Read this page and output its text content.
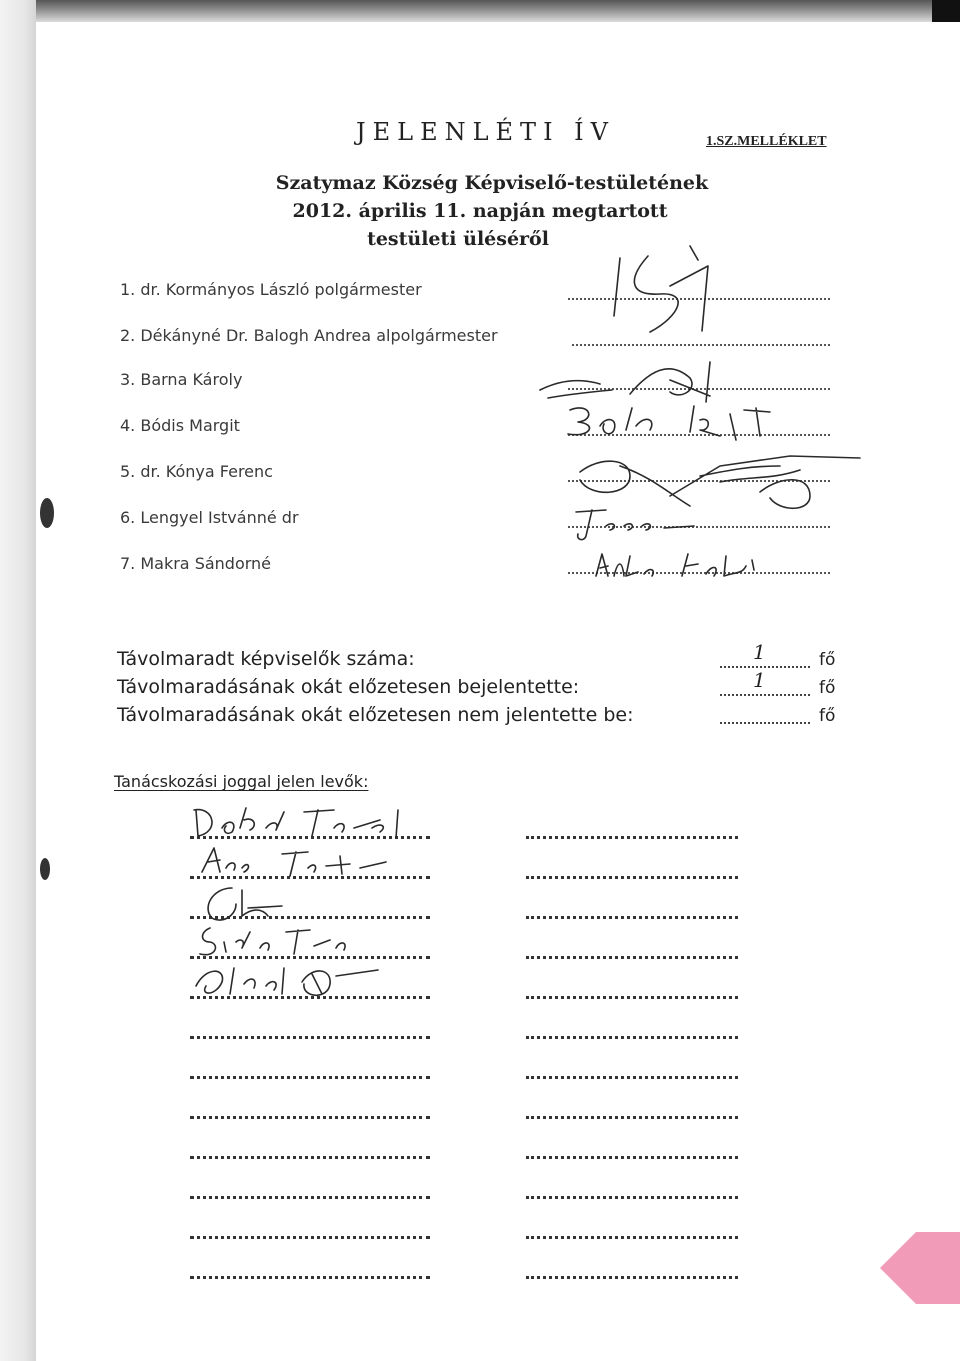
JELENLÉTI ÍV	1.SZ.MELLÉKLET
Szatymaz Község Képviselő-testületének
2012. április 11. napján megtartott
testületi üléséről
1. dr. Kormányos László polgármester
2. Dékányné Dr. Balogh Andrea alpolgármester
3. Barna Károly
4. Bódis Margit
5. dr. Kónya Ferenc
6. Lengyel Istvánné dr
7. Makra Sándorné
Távolmaradt képviselők száma:	1	fő
Távolmaradásának okát előzetesen bejelentette:	1	fő
Távolmaradásának okát előzetesen nem jelentette be:	fő
Tanácskozási joggal jelen levők:
